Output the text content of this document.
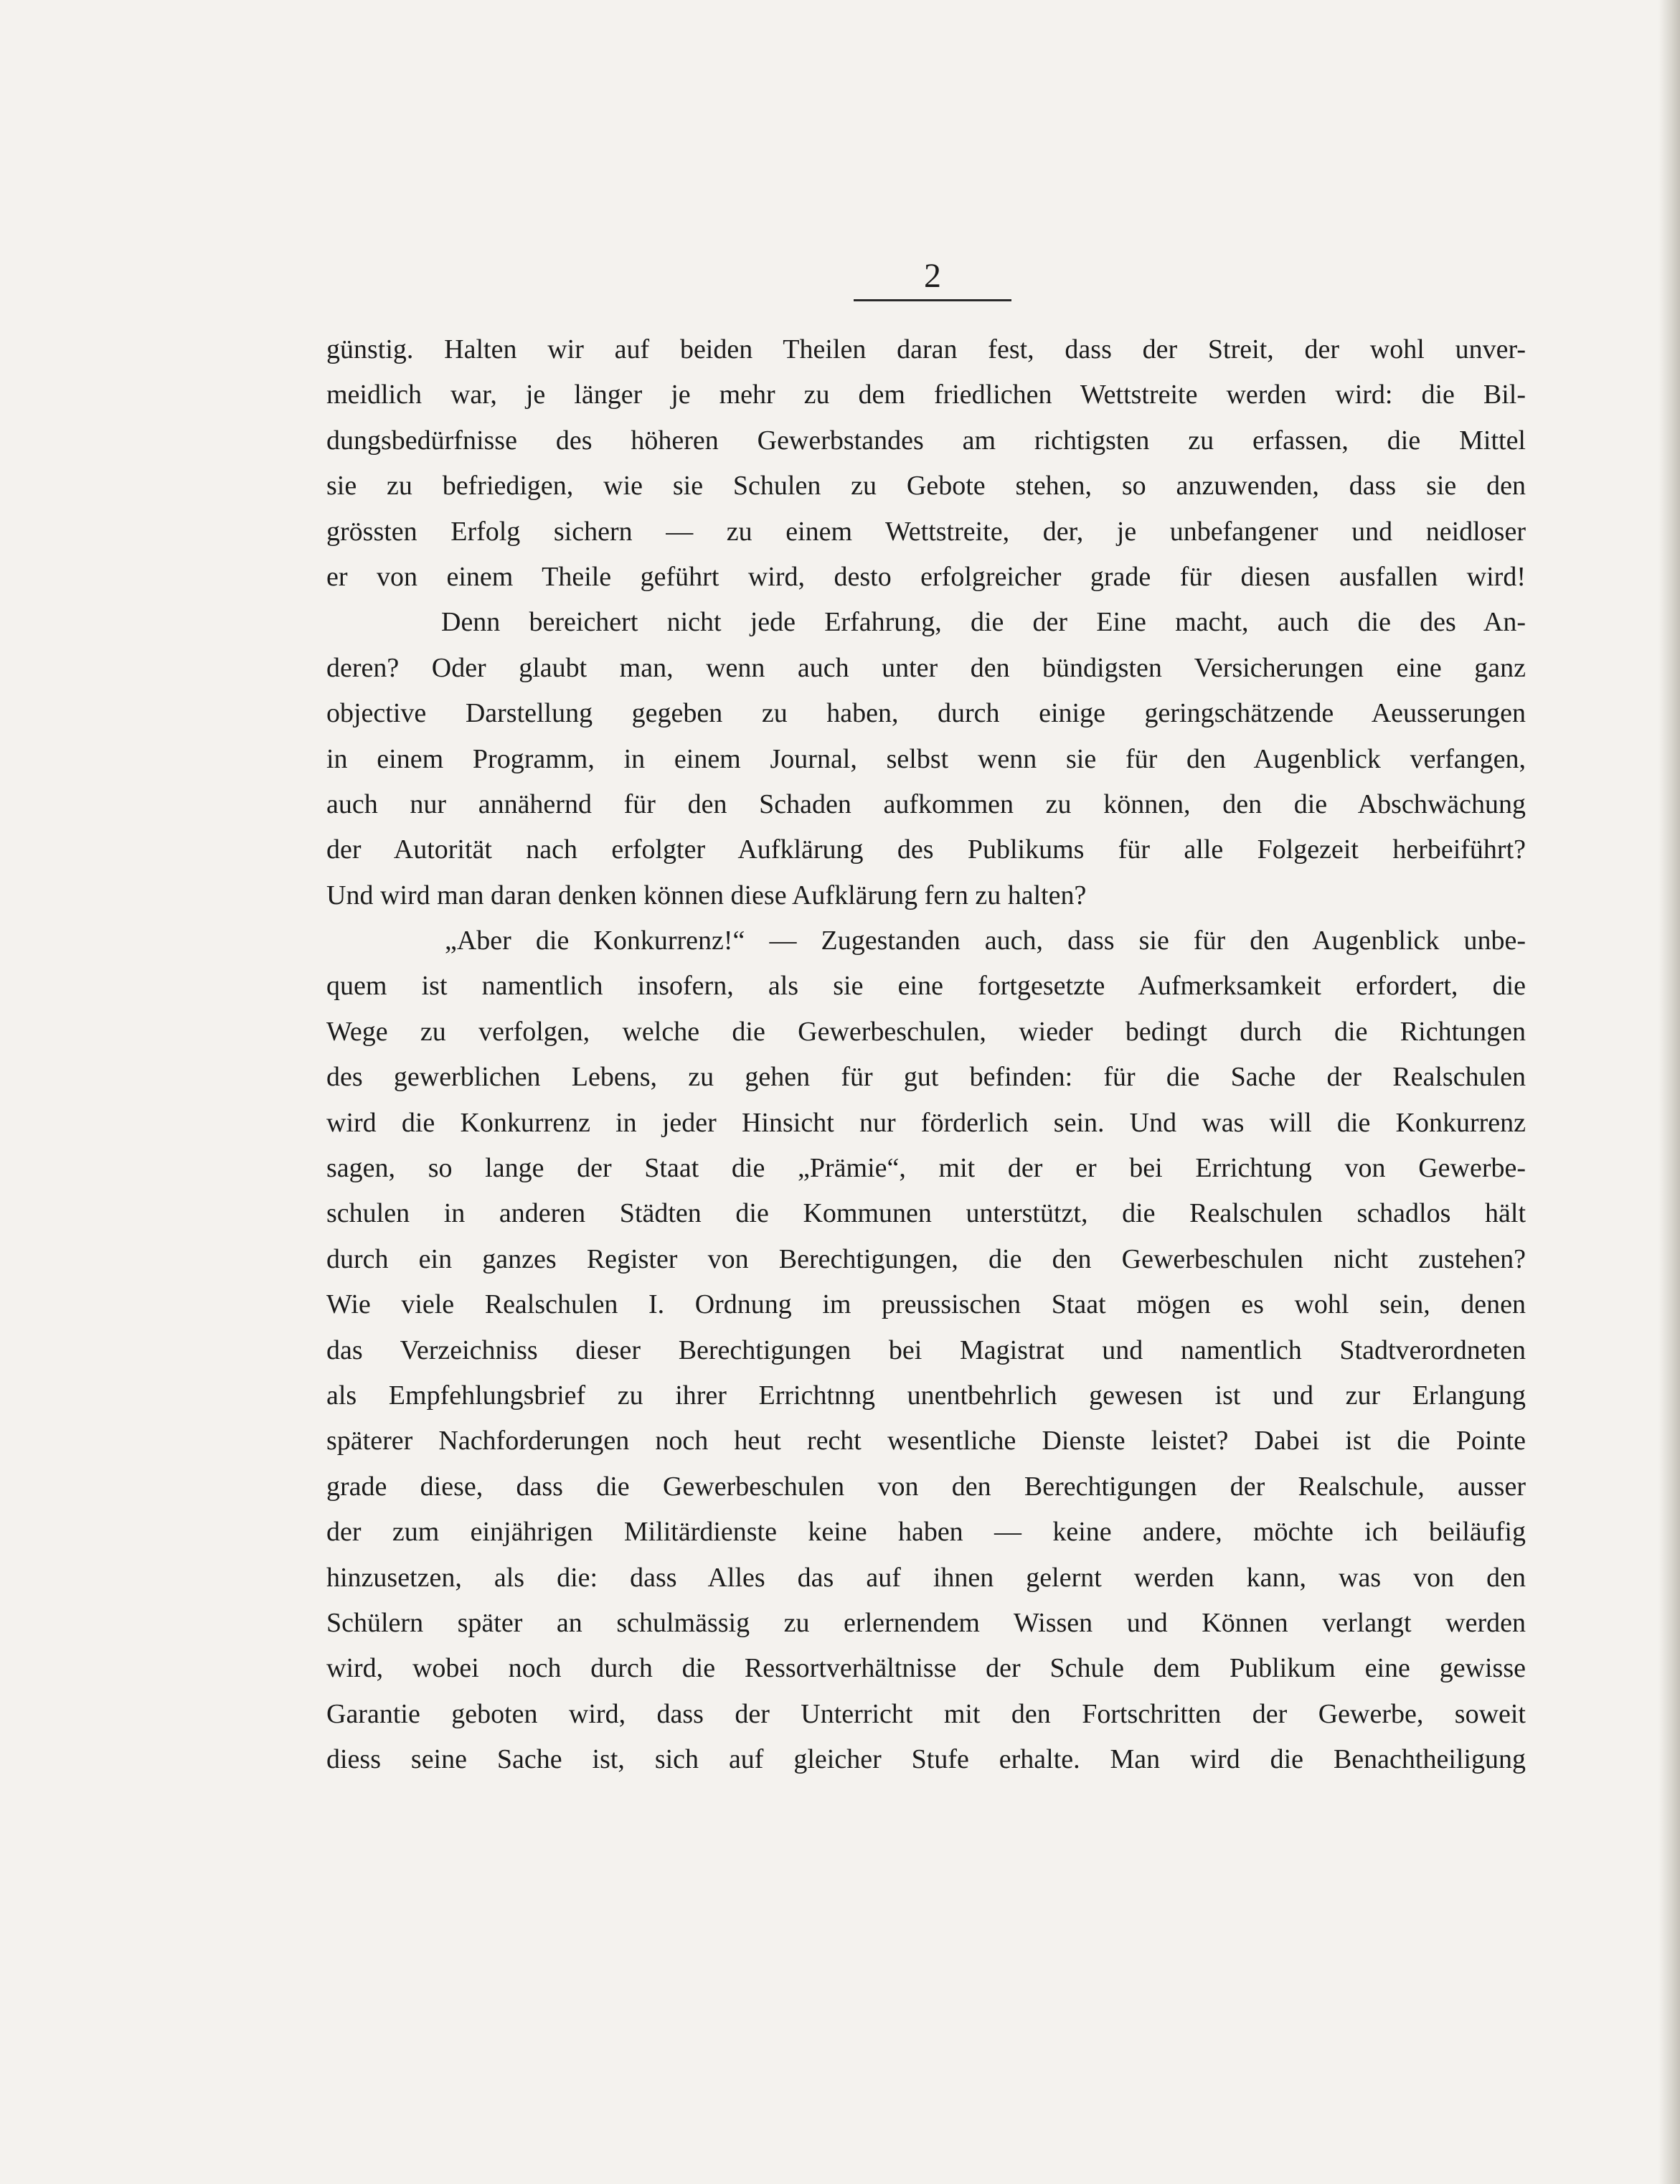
2
günstig. Halten wir auf beiden Theilen daran fest, dass der Streit, der wohl unver-
meidlich war, je länger je mehr zu dem friedlichen Wettstreite werden wird: die Bil-
dungsbedürfnisse des höheren Gewerbstandes am richtigsten zu erfassen, die Mittel
sie zu befriedigen, wie sie Schulen zu Gebote stehen, so anzuwenden, dass sie den
grössten Erfolg sichern — zu einem Wettstreite, der, je unbefangener und neidloser
er von einem Theile geführt wird, desto erfolgreicher grade für diesen ausfallen wird!
Denn bereichert nicht jede Erfahrung, die der Eine macht, auch die des An-
deren? Oder glaubt man, wenn auch unter den bündigsten Versicherungen eine ganz
objective Darstellung gegeben zu haben, durch einige geringschätzende Aeusserungen
in einem Programm, in einem Journal, selbst wenn sie für den Augenblick verfangen,
auch nur annähernd für den Schaden aufkommen zu können, den die Abschwächung
der Autorität nach erfolgter Aufklärung des Publikums für alle Folgezeit herbeiführt?
Und wird man daran denken können diese Aufklärung fern zu halten?
„Aber die Konkurrenz!“ — Zugestanden auch, dass sie für den Augenblick unbe-
quem ist namentlich insofern, als sie eine fortgesetzte Aufmerksamkeit erfordert, die
Wege zu verfolgen, welche die Gewerbeschulen, wieder bedingt durch die Richtungen
des gewerblichen Lebens, zu gehen für gut befinden: für die Sache der Realschulen
wird die Konkurrenz in jeder Hinsicht nur förderlich sein. Und was will die Konkurrenz
sagen, so lange der Staat die „Prämie“, mit der er bei Errichtung von Gewerbe-
schulen in anderen Städten die Kommunen unterstützt, die Realschulen schadlos hält
durch ein ganzes Register von Berechtigungen, die den Gewerbeschulen nicht zustehen?
Wie viele Realschulen I. Ordnung im preussischen Staat mögen es wohl sein, denen
das Verzeichniss dieser Berechtigungen bei Magistrat und namentlich Stadtverordneten
als Empfehlungsbrief zu ihrer Errichtnng unentbehrlich gewesen ist und zur Erlangung
späterer Nachforderungen noch heut recht wesentliche Dienste leistet? Dabei ist die Pointe
grade diese, dass die Gewerbeschulen von den Berechtigungen der Realschule, ausser
der zum einjährigen Militärdienste keine haben — keine andere, möchte ich beiläufig
hinzusetzen, als die: dass Alles das auf ihnen gelernt werden kann, was von den
Schülern später an schulmässig zu erlernendem Wissen und Können verlangt werden
wird, wobei noch durch die Ressortverhältnisse der Schule dem Publikum eine gewisse
Garantie geboten wird, dass der Unterricht mit den Fortschritten der Gewerbe, soweit
diess seine Sache ist, sich auf gleicher Stufe erhalte. Man wird die Benachtheiligung
